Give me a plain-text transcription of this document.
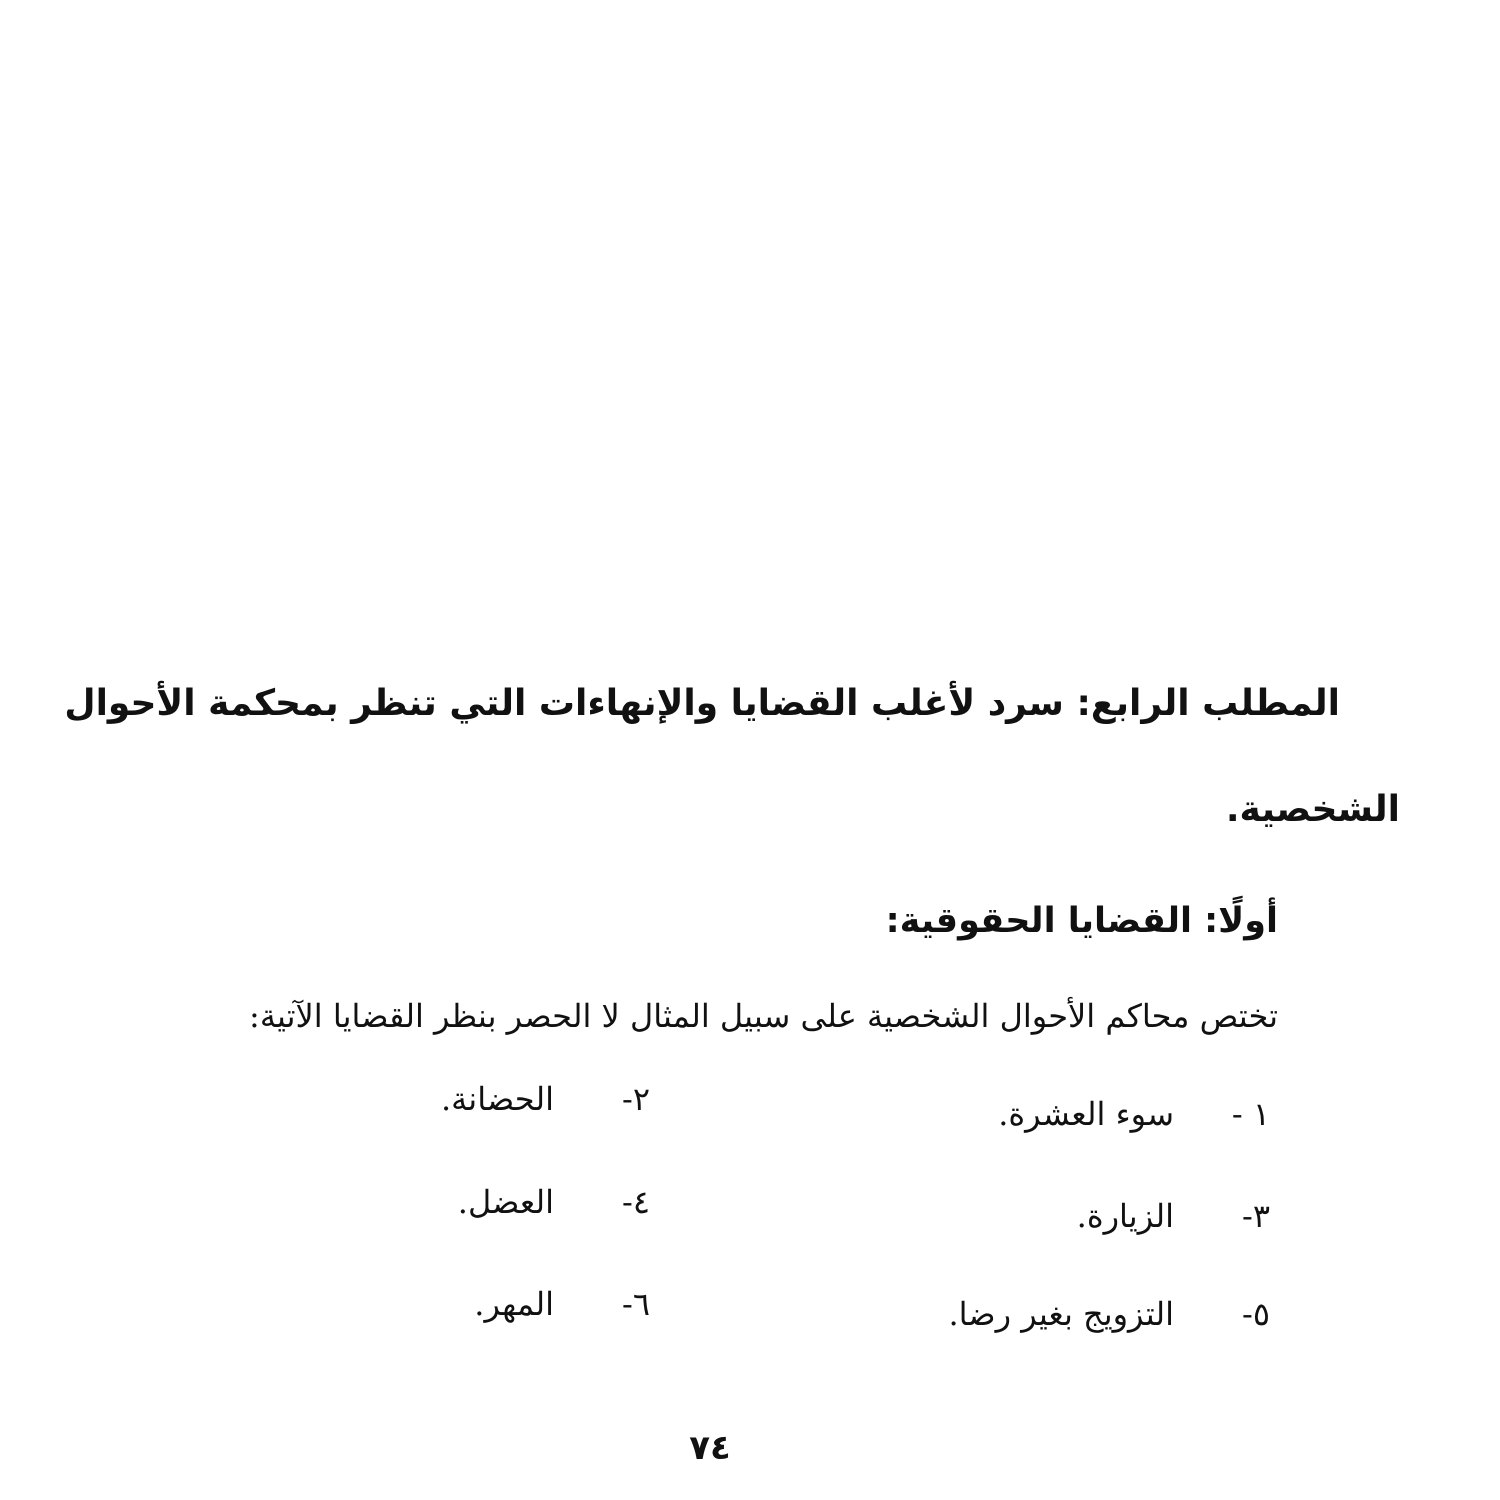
المطلب الرابع: سرد لأغلب القضايا والإنهاءات التي تنظر بمحكمة الأحوال
الشخصية.
أولًا: القضايا الحقوقية:
تختص محاكم الأحوال الشخصية على سبيل المثال لا الحصر بنظر القضايا الآتية:
١ -
سوء العشرة.
٢-
الحضانة.
٣-
الزيارة.
٤-
العضل.
٥-
التزويج بغير رضا.
٦-
المهر.
٧٤
